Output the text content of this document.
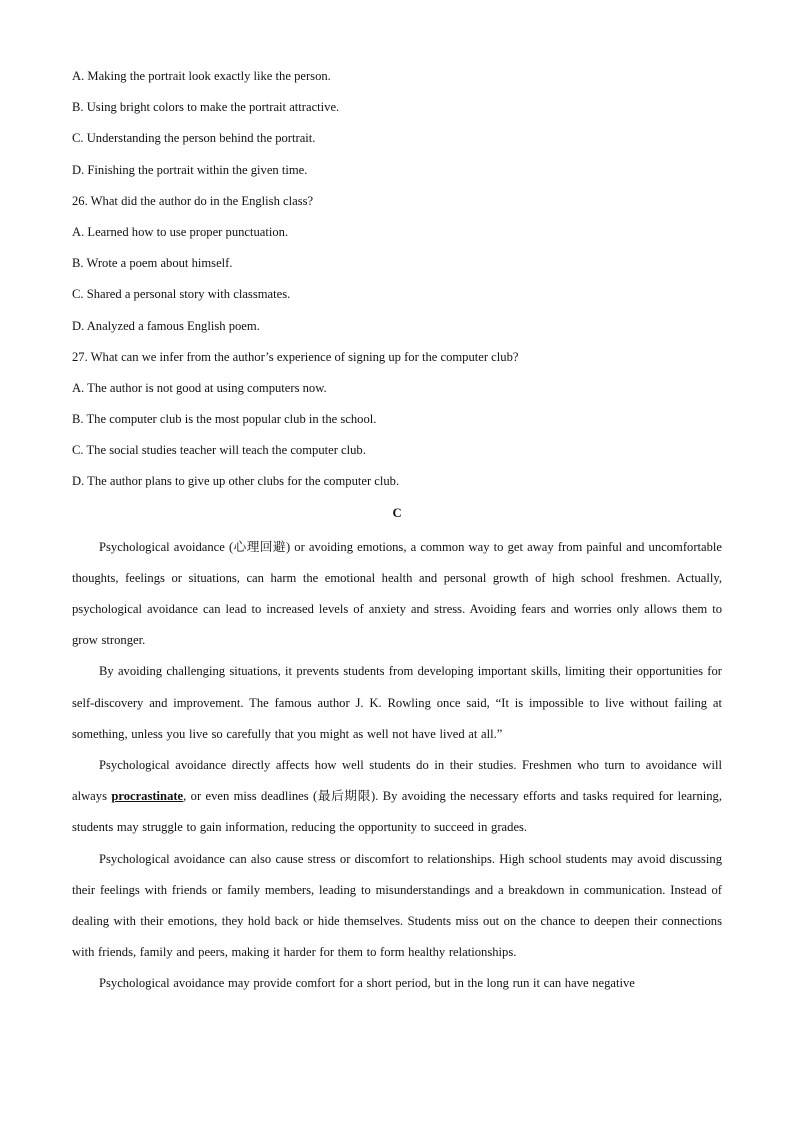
A. Making the portrait look exactly like the person.
B. Using bright colors to make the portrait attractive.
C. Understanding the person behind the portrait.
D. Finishing the portrait within the given time.
26. What did the author do in the English class?
A. Learned how to use proper punctuation.
B. Wrote a poem about himself.
C. Shared a personal story with classmates.
D. Analyzed a famous English poem.
27. What can we infer from the author’s experience of signing up for the computer club?
A. The author is not good at using computers now.
B. The computer club is the most popular club in the school.
C. The social studies teacher will teach the computer club.
D. The author plans to give up other clubs for the computer club.
C

Psychological avoidance (心理回避) or avoiding emotions, a common way to get away from painful and uncomfortable thoughts, feelings or situations, can harm the emotional health and personal growth of high school freshmen. Actually, psychological avoidance can lead to increased levels of anxiety and stress. Avoiding fears and worries only allows them to grow stronger.

By avoiding challenging situations, it prevents students from developing important skills, limiting their opportunities for self-discovery and improvement. The famous author J. K. Rowling once said, “It is impossible to live without failing at something, unless you live so carefully that you might as well not have lived at all.”

Psychological avoidance directly affects how well students do in their studies. Freshmen who turn to avoidance will always procrastinate, or even miss deadlines (最后期限). By avoiding the necessary efforts and tasks required for learning, students may struggle to gain information, reducing the opportunity to succeed in grades.

Psychological avoidance can also cause stress or discomfort to relationships. High school students may avoid discussing their feelings with friends or family members, leading to misunderstandings and a breakdown in communication. Instead of dealing with their emotions, they hold back or hide themselves. Students miss out on the chance to deepen their connections with friends, family and peers, making it harder for them to form healthy relationships.

Psychological avoidance may provide comfort for a short period, but in the long run it can have negative
